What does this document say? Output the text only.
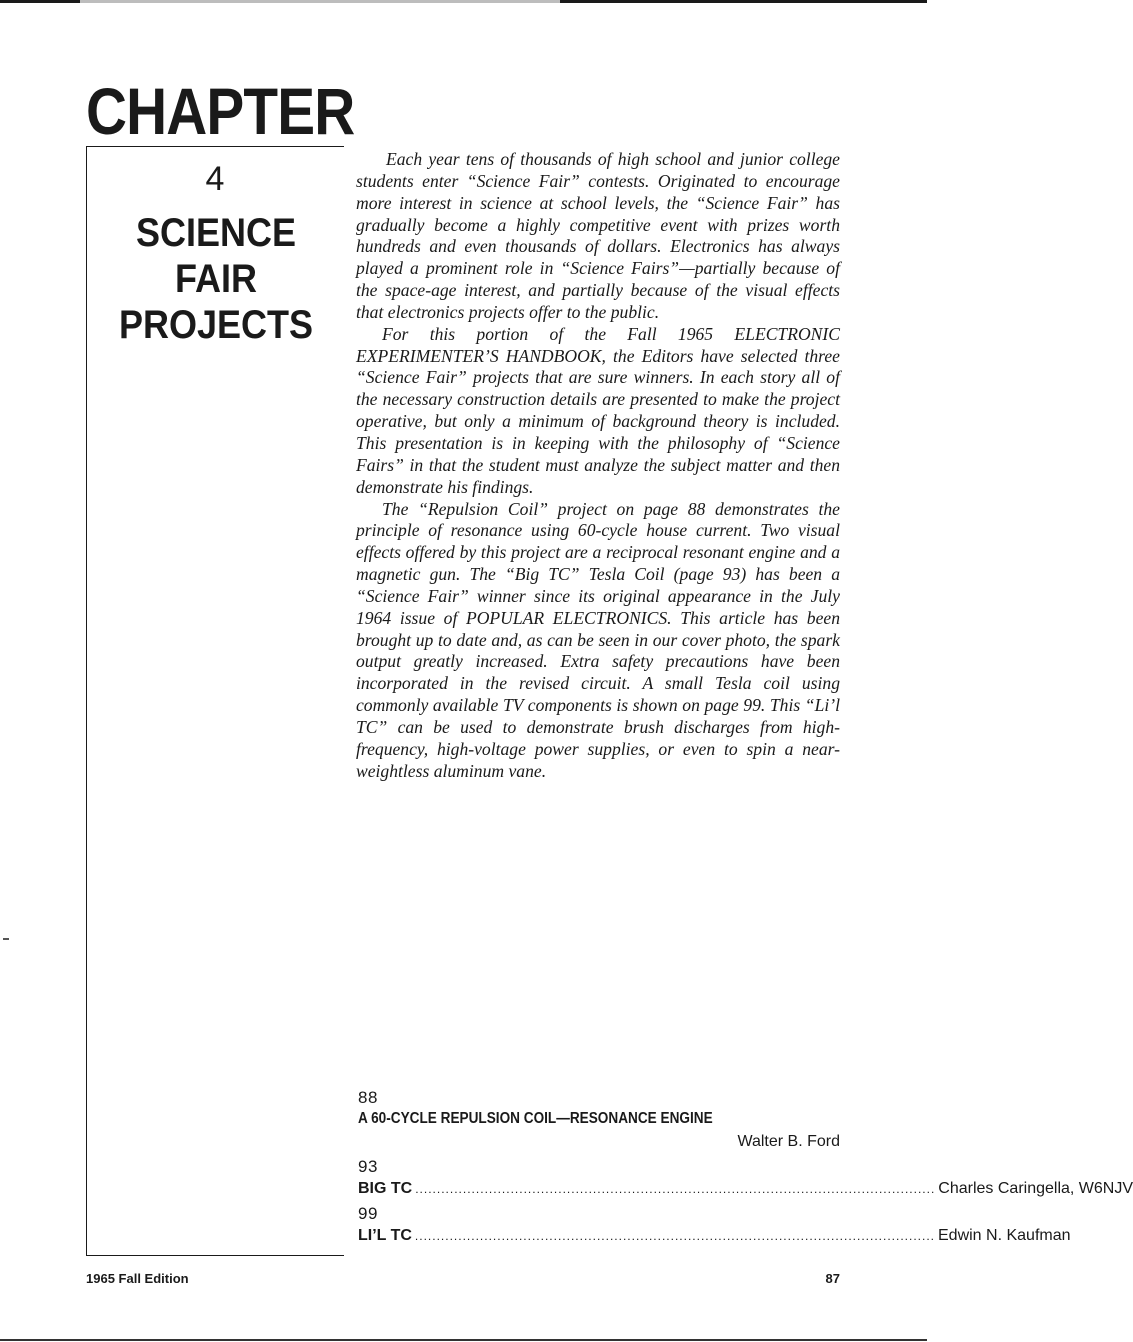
CHAPTER
4
SCIENCE
FAIR
PROJECTS

Each year tens of thousands of high school and junior college students enter “Science Fair” contests. Originated to encourage more interest in science at school levels, the “Science Fair” has gradually become a highly competitive event with prizes worth hundreds and even thousands of dollars. Electronics has always played a prominent role in “Science Fairs”—partially because of the space-age interest, and partially because of the visual effects that electronics projects offer to the public.

For this portion of the Fall 1965 ELECTRONIC EXPERIMENTER’S HANDBOOK, the Editors have selected three “Science Fair” projects that are sure winners. In each story all of the necessary construction details are presented to make the project operative, but only a minimum of background theory is included. This presentation is in keeping with the philosophy of “Science Fairs” in that the student must analyze the subject matter and then demonstrate his findings.

The “Repulsion Coil” project on page 88 demonstrates the principle of resonance using 60-cycle house current. Two visual effects offered by this project are a reciprocal resonant engine and a magnetic gun. The “Big TC” Tesla Coil (page 93) has been a “Science Fair” winner since its original appearance in the July 1964 issue of POPULAR ELECTRONICS. This article has been brought up to date and, as can be seen in our cover photo, the spark output greatly increased. Extra safety precautions have been incorporated in the revised circuit. A small Tesla coil using commonly available TV components is shown on page 99. This “Li’l TC” can be used to demonstrate brush discharges from high-frequency, high-voltage power supplies, or even to spin a near-weightless aluminum vane.

88

A 60-CYCLE REPULSION COIL—RESONANCE ENGINE

Walter B. Ford

93

BIG TC ........................................................................................................................ Charles Caringella, W6NJV

99

LI’L TC ........................................................................................................................ Edwin N. Kaufman
1965 Fall Edition	87
